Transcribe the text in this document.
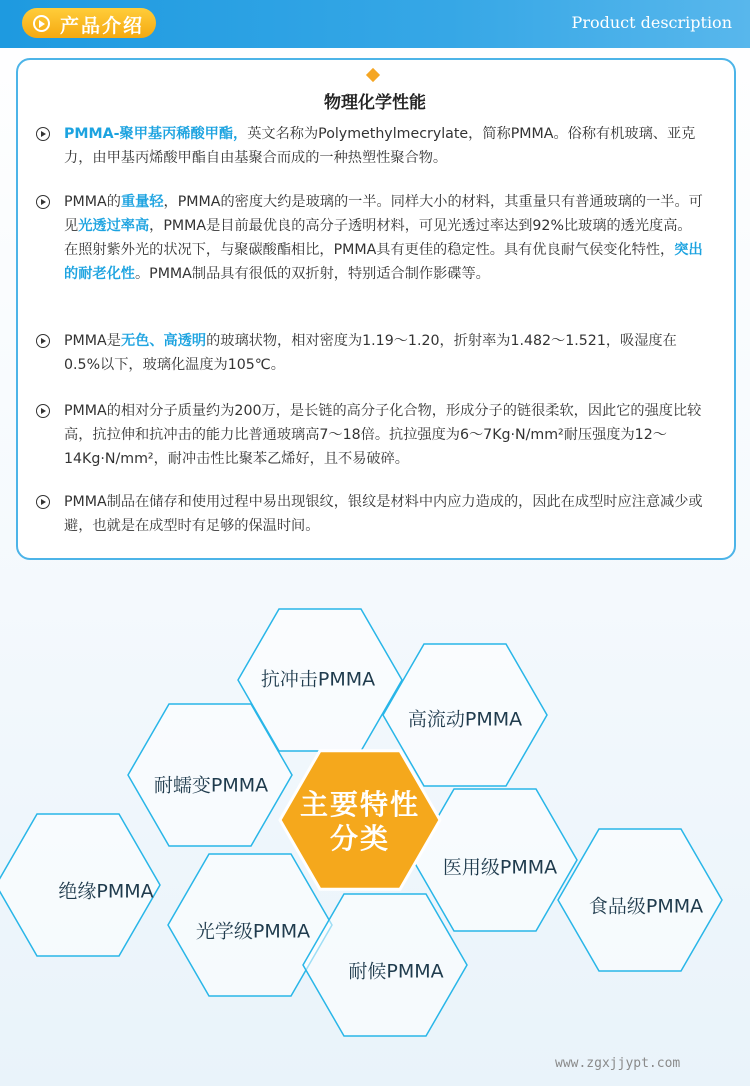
产品介绍	Product description
物理化学性能
PMMA-聚甲基丙稀酸甲酯，英文名称为Polymethylmecrylate，简称PMMA。俗称有机玻璃、亚克力，由甲基丙烯酸甲酯自由基聚合而成的一种热塑性聚合物。
PMMA的重量轻，PMMA的密度大约是玻璃的一半。同样大小的材料，其重量只有普通玻璃的一半。可见光透过率高，PMMA是目前最优良的高分子透明材料，可见光透过率达到92%比玻璃的透光度高。在照射紫外光的状况下，与聚碳酸酯相比，PMMA具有更佳的稳定性。具有优良耐气侯变化特性，突出的耐老化性。PMMA制品具有很低的双折射，特别适合制作影碟等。
PMMA是无色、高透明的玻璃状物，相对密度为1.19～1.20，折射率为1.482～1.521，吸湿度在0.5%以下，玻璃化温度为105℃。
PMMA的相对分子质量约为200万，是长链的高分子化合物，形成分子的链很柔软，因此它的强度比较高，抗拉伸和抗冲击的能力比普通玻璃高7～18倍。抗拉强度为6～7Kg·N/mm²耐压强度为12～14Kg·N/mm²，耐冲击性比聚苯乙烯好，且不易破碎。
PMMA制品在储存和使用过程中易出现银纹，银纹是材料中内应力造成的，因此在成型时应注意减少或避，也就是在成型时有足够的保温时间。
抗冲击PMMA
高流动PMMA
耐蠕变PMMA
医用级PMMA
绝缘PMMA
光学级PMMA
耐候PMMA
食品级PMMA
主要特性分类
www.zgxjjypt.com
